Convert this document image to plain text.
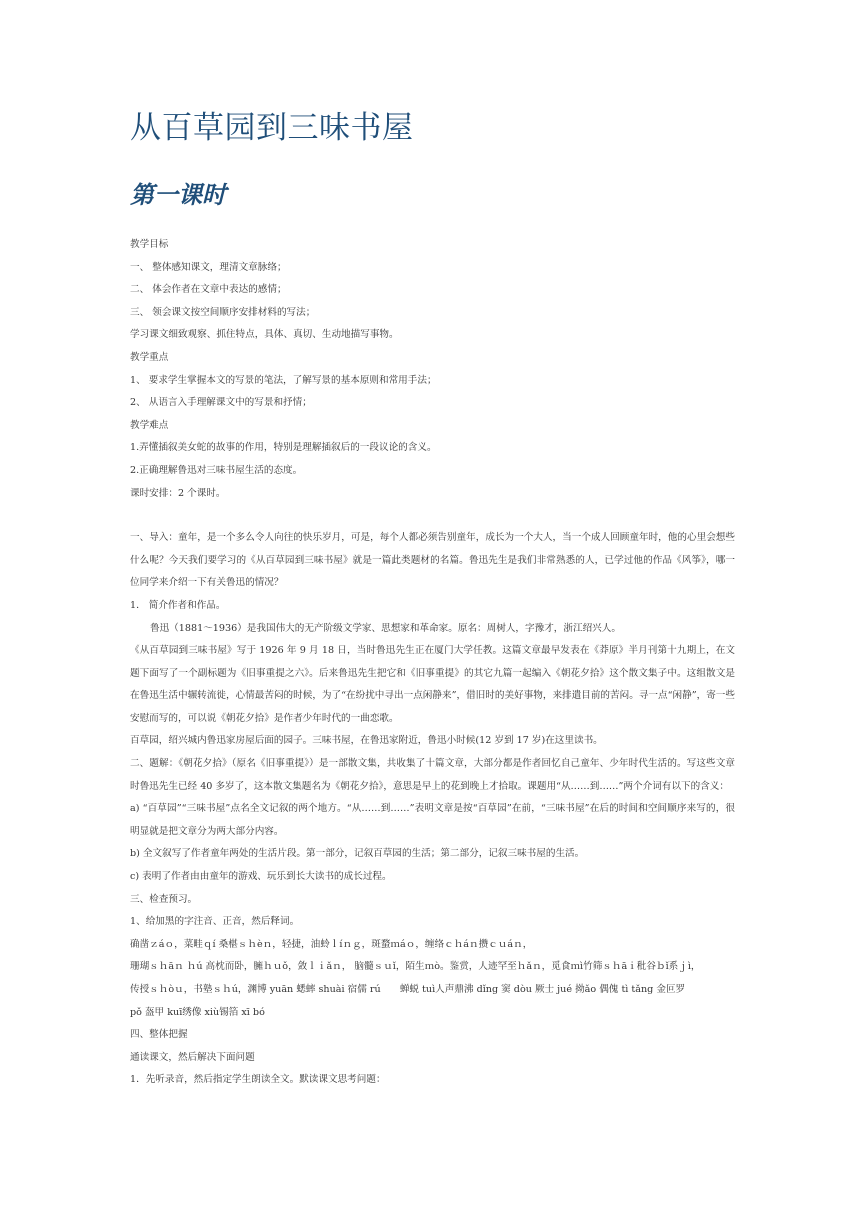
从百草园到三味书屋
第一课时

教学目标

一、 整体感知课文，理清文章脉络；

二、 体会作者在文章中表达的感情；

三、 领会课文按空间顺序安排材料的写法；

学习课文细致观察、抓住特点，具体、真切、生动地描写事物。

教学重点

1、 要求学生掌握本文的写景的笔法，了解写景的基本原则和常用手法；

2、 从语言入手理解课文中的写景和抒情；

教学难点

1.弄懂插叙美女蛇的故事的作用，特别是理解插叙后的一段议论的含义。

2.正确理解鲁迅对三味书屋生活的态度。

课时安排：2 个课时。

一、导入：童年，是一个多么令人向往的快乐岁月，可是，每个人都必须告别童年，成长为一个大人，当一个成人回顾童年时，他的心里会想些什么呢？今天我们要学习的《从百草园到三味书屋》就是一篇此类题材的名篇。鲁迅先生是我们非常熟悉的人，已学过他的作品《风筝》，哪一位同学来介绍一下有关鲁迅的情况？

1． 简介作者和作品。

鲁迅（1881～1936）是我国伟大的无产阶级文学家、思想家和革命家。原名：周树人，字豫才，浙江绍兴人。

《从百草园到三味书屋》写于 1926 年 9 月 18 日，当时鲁迅先生正在厦门大学任教。这篇文章最早发表在《莽原》半月刊第十九期上，在文题下面写了一个副标题为《旧事重提之六》。后来鲁迅先生把它和《旧事重提》的其它九篇一起编入《朝花夕拾》这个散文集子中。这组散文是在鲁迅生活中辗转流徙，心情最苦闷的时候，为了“在纷扰中寻出一点闲静来”，借旧时的美好事物，来排遣目前的苦闷。寻一点“闲静”，寄一些安慰而写的，可以说《朝花夕拾》是作者少年时代的一曲恋歌。

百草园，绍兴城内鲁迅家房屋后面的园子。三味书屋，在鲁迅家附近，鲁迅小时候(12 岁到 17 岁)在这里读书。

二、题解：《朝花夕拾》（原名《旧事重提》）是一部散文集，共收集了十篇文章，大部分都是作者回忆自己童年、少年时代生活的。写这些文章时鲁迅先生已经 40 多岁了，这本散文集题名为《朝花夕拾》，意思是早上的花到晚上才拾取。课题用“从……到……”两个介词有以下的含义：

a) “百草园”“三味书屋”点名全文记叙的两个地方。“从……到……”表明文章是按“百草园”在前，“三味书屋”在后的时间和空间顺序来写的，很明显就是把文章分为两大部分内容。

b) 全文叙写了作者童年两处的生活片段。第一部分，记叙百草园的生活；第二部分，记叙三味书屋的生活。

c) 表明了作者由由童年的游戏、玩乐到长大读书的成长过程。

三、检查预习。

1、给加黑的字注音、正音，然后释词。

确凿ｚáｏ，菜畦ｑí 桑椹ｓｈèｎ，轻捷，油蛉ｌíｎｇ，斑蝥ｍáｏ，缠络ｃｈáｎ攒ｃｕáｎ，

珊瑚ｓｈāｎ ｈú 高枕而卧，臃ｈｕǒ，敛ｌｉǎｎ， 脑髓ｓｕǐ，陌生ｍò。鉴赏，人迹罕至ｈǎｎ，觅食ｍì竹筛ｓｈāｉ秕谷ｂǐ系ｊì，

传授ｓｈòｕ，书塾ｓｈú，渊博 yuān 蟋蟀 shuài 宿儒 rú　　蝉蜕 tuì人声鼎沸 dǐng 窦 dòu 厥士 jué 拗ǎo 偶傀 tì tǎng 金叵罗

pǒ 盔甲 kuī绣像 xiù锡箔 xī bó

四、整体把握

通读课文，然后解决下面问题

1．先听录音，然后指定学生朗读全文。默读课文思考问题：
